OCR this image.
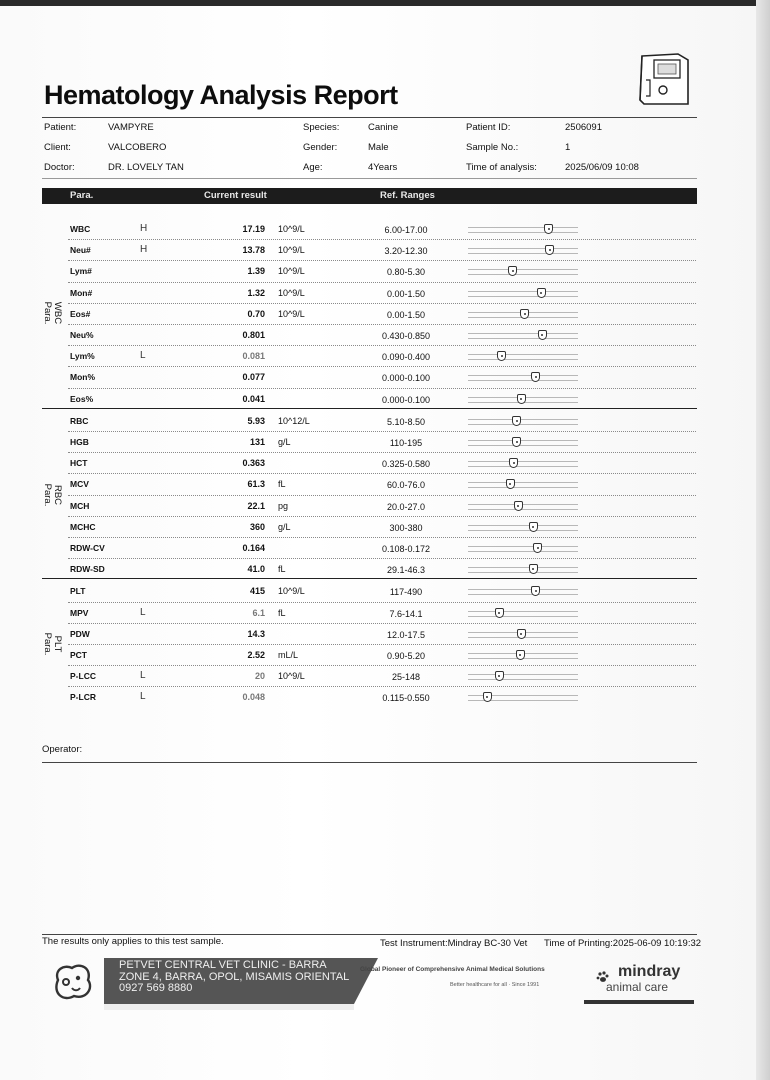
Hematology Analysis Report
Patient:	VAMPYRE
Client:	VALCOBERO
Doctor:	DR. LOVELY TAN
Species:	Canine
Gender:	Male
Age:	4Years
Patient ID:	2506091
Sample No.:	1
Time of analysis:	2025/06/09 10:08
Para.	Current result	Ref. Ranges
WBC	H	17.19 10^9/L	6.00-17.00
Neu#	H	13.78 10^9/L	3.20-12.30
Lym#	1.39 10^9/L	0.80-5.30
Mon#	1.32 10^9/L	0.00-1.50
Eos#	0.70 10^9/L	0.00-1.50
Neu%	0.801	0.430-0.850
Lym%	L	0.081	0.090-0.400
Mon%	0.077	0.000-0.100
Eos%	0.041	0.000-0.100
WBC
Para.
RBC	5.93 10^12/L	5.10-8.50
HGB	131 g/L	110-195
HCT	0.363	0.325-0.580
MCV	61.3 fL	60.0-76.0
MCH	22.1 pg	20.0-27.0
MCHC	360 g/L	300-380
RDW-CV	0.164	0.108-0.172
RDW-SD	41.0 fL	29.1-46.3
RBC
Para.
PLT	415 10^9/L	117-490
MPV	L	6.1 fL	7.6-14.1
PDW	14.3	12.0-17.5
PCT	2.52 mL/L	0.90-5.20
P-LCC	L	20 10^9/L	25-148
P-LCR	L	0.048	0.115-0.550
PLT
Para.
Operator:
The results only applies to this test sample.	Test Instrument:Mindray BC-30 Vet Time of Printing:2025-06-09 10:19:32
PETVET CENTRAL VET CLINIC - BARRA
ZONE 4, BARRA, OPOL, MISAMIS ORIENTAL
0927 569 8880
Global Pioneer of Comprehensive Animal Medical Solutions
Better healthcare for all · Since 1991
mindray
animal care
